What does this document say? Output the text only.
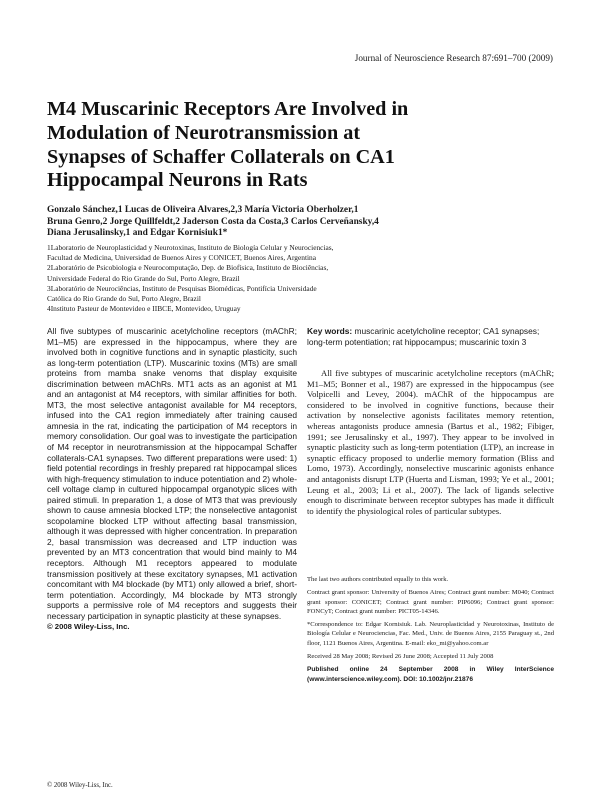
Journal of Neuroscience Research 87:691–700 (2009)
M4 Muscarinic Receptors Are Involved in
Modulation of Neurotransmission at
Synapses of Schaffer Collaterals on CA1
Hippocampal Neurons in Rats

Gonzalo Sánchez,1 Lucas de Oliveira Alvares,2,3 María Victoria Oberholzer,1
Bruna Genro,2 Jorge Quillfeldt,2 Jaderson Costa da Costa,3 Carlos Cerveñansky,4
Diana Jerusalinsky,1 and Edgar Kornisiuk1*

1Laboratorio de Neuroplasticidad y Neurotoxinas, Instituto de Biología Celular y Neurociencias,
Facultad de Medicina, Universidad de Buenos Aires y CONICET, Buenos Aires, Argentina
2Laboratório de Psicobiologia e Neurocomputação, Dep. de Biofísica, Instituto de Biociências,
Universidade Federal do Rio Grande do Sul, Porto Alegre, Brazil
3Laboratório de Neurociências, Instituto de Pesquisas Biomédicas, Pontifícia Universidade
Católica do Rio Grande do Sul, Porto Alegre, Brazil
4Instituto Pasteur de Montevideo e IIBCE, Montevideo, Uruguay

All five subtypes of muscarinic acetylcholine receptors (mAChR; M1–M5) are expressed in the hippocampus, where they are involved both in cognitive functions and in synaptic plasticity, such as long-term potentiation (LTP). Muscarinic toxins (MTs) are small proteins from mamba snake venoms that display exquisite discrimination between mAChRs. MT1 acts as an agonist at M1 and an antagonist at M4 receptors, with similar affinities for both. MT3, the most selective antagonist available for M4 receptors, infused into the CA1 region immediately after training caused amnesia in the rat, indicating the participation of M4 receptors in memory consolidation. Our goal was to investigate the participation of M4 receptor in neurotransmission at the hippocampal Schaffer collaterals-CA1 synapses. Two different preparations were used: 1) field potential recordings in freshly prepared rat hippocampal slices with high-frequency stimulation to induce potentiation and 2) whole-cell voltage clamp in cultured hippocampal organotypic slices with paired stimuli. In preparation 1, a dose of MT3 that was previously shown to cause amnesia blocked LTP; the nonselective antagonist scopolamine blocked LTP without affecting basal transmission, although it was depressed with higher concentration. In preparation 2, basal transmission was decreased and LTP induction was prevented by an MT3 concentration that would bind mainly to M4 receptors. Although M1 receptors appeared to modulate transmission positively at these excitatory synapses, M1 activation concomitant with M4 blockade (by MT1) only allowed a brief, short-term potentiation. Accordingly, M4 blockade by MT3 strongly supports a permissive role of M4 receptors and suggests their necessary participation in synaptic plasticity at these synapses.
© 2008 Wiley-Liss, Inc.

Key words: muscarinic acetylcholine receptor; CA1 synapses; long-term potentiation; rat hippocampus; muscarinic toxin 3

All five subtypes of muscarinic acetylcholine receptors (mAChR; M1–M5; Bonner et al., 1987) are expressed in the hippocampus (see Volpicelli and Levey, 2004). mAChR of the hippocampus are considered to be involved in cognitive functions, because their activation by nonselective agonists facilitates memory retention, whereas antagonists produce amnesia (Bartus et al., 1982; Fibiger, 1991; see Jerusalinsky et al., 1997). They appear to be involved in synaptic plasticity such as long-term potentiation (LTP), an increase in synaptic efficacy proposed to underlie memory formation (Bliss and Lomo, 1973). Accordingly, nonselective muscarinic agonists enhance and antagonists disrupt LTP (Huerta and Lisman, 1993; Ye et al., 2001; Leung et al., 2003; Li et al., 2007). The lack of ligands selective enough to discriminate between receptor subtypes has made it difficult to identify the physiological roles of particular subtypes.

The last two authors contributed equally to this work.

Contract grant sponsor: University of Buenos Aires; Contract grant number: M040; Contract grant sponsor: CONICET; Contract grant number: PIP6096; Contract grant sponsor: FONCyT; Contract grant number: PICT05-14346.

*Correspondence to: Edgar Kornisiuk. Lab. Neuroplasticidad y Neurotoxinas, Instituto de Biología Celular e Neurociencias, Fac. Med., Univ. de Buenos Aires, 2155 Paraguay st., 2nd floor, 1121 Buenos Aires, Argentina. E-mail: eko_mi@yahoo.com.ar

Received 28 May 2008; Revised 26 June 2008; Accepted 11 July 2008

Published online 24 September 2008 in Wiley InterScience (www.interscience.wiley.com). DOI: 10.1002/jnr.21876

© 2008 Wiley-Liss, Inc.
